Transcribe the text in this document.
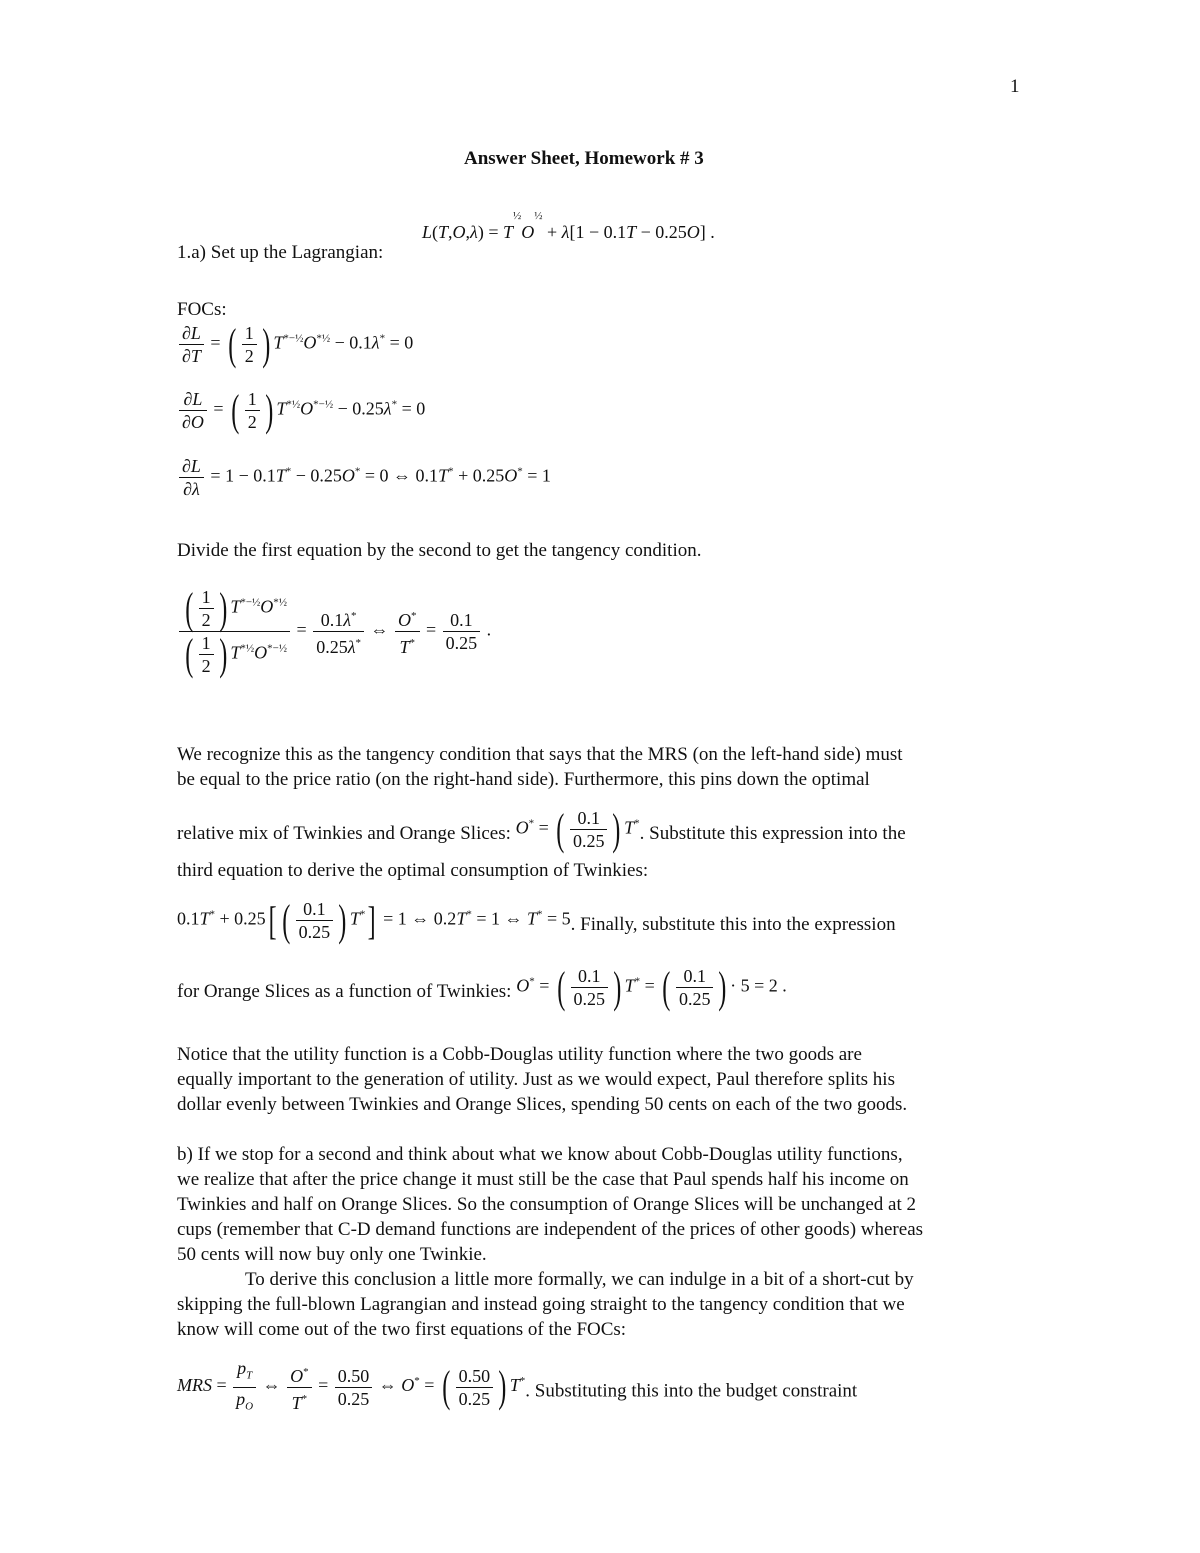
1
Answer Sheet, Homework # 3
1.a) Set up the Lagrangian:
$L(T,O,\lambda) = T^{\frac{1}{2}}O^{\frac{1}{2}} + \lambda[1 - 0.1T - 0.25O]$ .
FOCs:
$\frac{\partial L}{\partial T}$ = ( $\frac{1}{2}$ ) $T^{*-\frac{1}{2}}O^{*\frac{1}{2}} - 0.1\lambda^* = 0$
$\frac{\partial L}{\partial O}$ = ( $\frac{1}{2}$ ) $T^{*\frac{1}{2}}O^{*-\frac{1}{2}} - 0.25\lambda^* = 0$
$\frac{\partial L}{\partial\lambda} = 1 - 0.1T^* - 0.25O^* = 0$ ⇔ 0.1T* + 0.25O* = 1
Divide the first equation by the second to get the tangency condition.
$\frac{( \frac{1}{2} ) T^{*-\frac{1}{2}}O^{*\frac{1}{2}}}{( \frac{1}{2} ) T^{*\frac{1}{2}}O^{*-\frac{1}{2}}} = \frac{0.1\lambda^*}{0.25\lambda^*}$ ⇔ $\frac{O^*}{T^*} = \frac{0.1}{0.25}$ .
We recognize this as the tangency condition that says that the MRS (on the left-hand side) must
be equal to the price ratio (on the right-hand side). Furthermore, this pins down the optimal
relative mix of Twinkies and Orange Slices: O* = ( $\frac{0.1}{0.25}$ ) T*. Substitute this expression into the
third equation to derive the optimal consumption of Twinkies:
0.1T* + 0.25[ ( $\frac{0.1}{0.25}$ ) T*] = 1 ⇔ 0.2T* = 1 ⇔ T* = 5. Finally, substitute this into the expression
for Orange Slices as a function of Twinkies: O* = ( $\frac{0.1}{0.25}$ ) T* = ( $\frac{0.1}{0.25}$ ) · 5 = 2 .
Notice that the utility function is a Cobb-Douglas utility function where the two goods are
equally important to the generation of utility. Just as we would expect, Paul therefore splits his
dollar evenly between Twinkies and Orange Slices, spending 50 cents on each of the two goods.
b) If we stop for a second and think about what we know about Cobb-Douglas utility functions,
we realize that after the price change it must still be the case that Paul spends half his income on
Twinkies and half on Orange Slices. So the consumption of Orange Slices will be unchanged at 2
cups (remember that C-D demand functions are independent of the prices of other goods) whereas
50 cents will now buy only one Twinkie.
To derive this conclusion a little more formally, we can indulge in a bit of a short-cut by
skipping the full-blown Lagrangian and instead going straight to the tangency condition that we
know will come out of the two first equations of the FOCs:
MRS = $\frac{p_T}{p_O}$ ⇔ $\frac{O^*}{T^*} = \frac{0.50}{0.25}$ ⇔ O* = ( $\frac{0.50}{0.25}$ ) T*. Substituting this into the budget constraint
